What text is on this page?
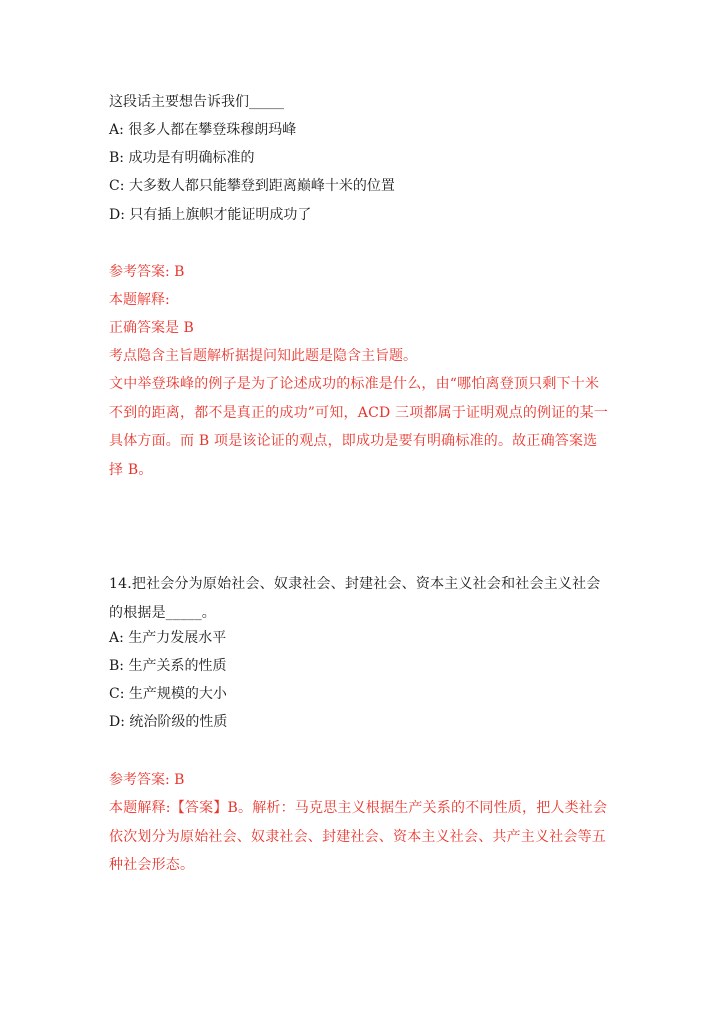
这段话主要想告诉我们_____
A: 很多人都在攀登珠穆朗玛峰
B: 成功是有明确标准的
C: 大多数人都只能攀登到距离巅峰十米的位置
D: 只有插上旗帜才能证明成功了
参考答案: B
本题解释:
正确答案是 B
考点隐含主旨题解析据提问知此题是隐含主旨题。
文中举登珠峰的例子是为了论述成功的标准是什么，由“哪怕离登顶只剩下十米不到的距离，都不是真正的成功”可知，ACD 三项都属于证明观点的例证的某一具体方面。而 B 项是该论证的观点，即成功是要有明确标准的。故正确答案选择 B。
14.把社会分为原始社会、奴隶社会、封建社会、资本主义社会和社会主义社会的根据是_____。
A: 生产力发展水平
B: 生产关系的性质
C: 生产规模的大小
D: 统治阶级的性质
参考答案: B
本题解释:【答案】B。解析：马克思主义根据生产关系的不同性质，把人类社会依次划分为原始社会、奴隶社会、封建社会、资本主义社会、共产主义社会等五种社会形态。
